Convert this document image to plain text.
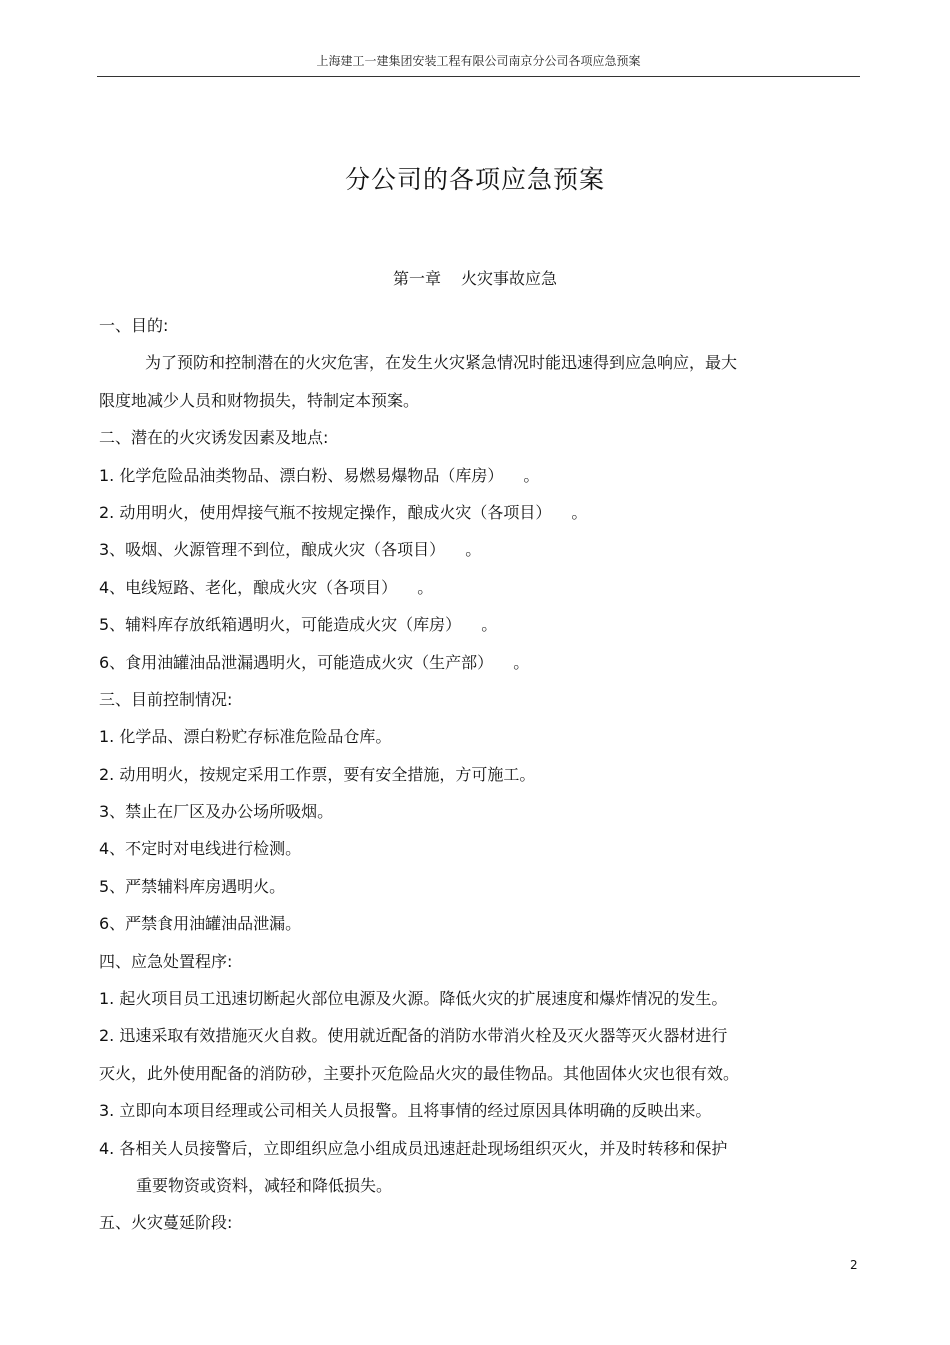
上海建工一建集团安装工程有限公司南京分公司各项应急预案
分公司的各项应急预案
第一章 火灾事故应急
一、目的:
为了预防和控制潜在的火灾危害，在发生火灾紧急情况时能迅速得到应急响应，最大
限度地减少人员和财物损失，特制定本预案。
二、潜在的火灾诱发因素及地点:
1. 化学危险品油类物品、漂白粉、易燃易爆物品（库房） 。
2. 动用明火，使用焊接气瓶不按规定操作，酿成火灾（各项目） 。
3、吸烟、火源管理不到位，酿成火灾（各项目） 。
4、电线短路、老化，酿成火灾（各项目） 。
5、辅料库存放纸箱遇明火，可能造成火灾（库房） 。
6、食用油罐油品泄漏遇明火，可能造成火灾（生产部） 。
三、目前控制情况:
1. 化学品、漂白粉贮存标准危险品仓库。
2. 动用明火，按规定采用工作票，要有安全措施，方可施工。
3、禁止在厂区及办公场所吸烟。
4、不定时对电线进行检测。
5、严禁辅料库房遇明火。
6、严禁食用油罐油品泄漏。
四、应急处置程序:
1. 起火项目员工迅速切断起火部位电源及火源。降低火灾的扩展速度和爆炸情况的发生。
2. 迅速采取有效措施灭火自救。使用就近配备的消防水带消火栓及灭火器等灭火器材进行
灭火，此外使用配备的消防砂，主要扑灭危险品火灾的最佳物品。其他固体火灾也很有效。
3. 立即向本项目经理或公司相关人员报警。且将事情的经过原因具体明确的反映出来。
4. 各相关人员接警后，立即组织应急小组成员迅速赶赴现场组织灭火，并及时转移和保护
重要物资或资料，减轻和降低损失。
五、火灾蔓延阶段:
2
